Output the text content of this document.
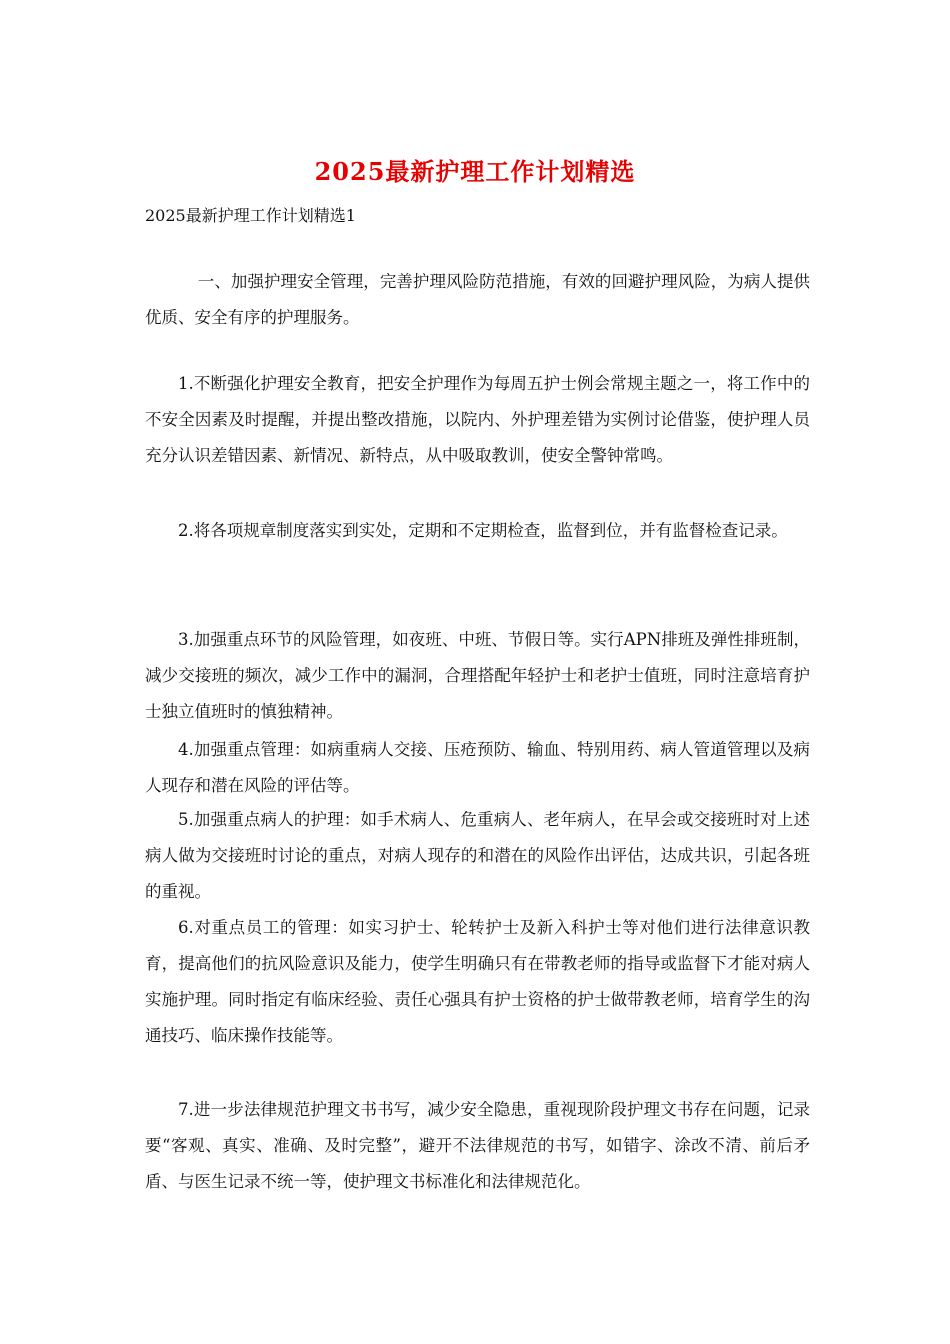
2025最新护理工作计划精选
2025最新护理工作计划精选1

一、加强护理安全管理，完善护理风险防范措施，有效的回避护理风险，为病人提供优质、安全有序的护理服务。

1.不断强化护理安全教育，把安全护理作为每周五护士例会常规主题之一，将工作中的不安全因素及时提醒，并提出整改措施，以院内、外护理差错为实例讨论借鉴，使护理人员充分认识差错因素、新情况、新特点，从中吸取教训，使安全警钟常鸣。

2.将各项规章制度落实到实处，定期和不定期检查，监督到位，并有监督检查记录。

3.加强重点环节的风险管理，如夜班、中班、节假日等。实行APN排班及弹性排班制，减少交接班的频次，减少工作中的漏洞，合理搭配年轻护士和老护士值班，同时注意培育护士独立值班时的慎独精神。

4.加强重点管理：如病重病人交接、压疮预防、输血、特别用药、病人管道管理以及病人现存和潜在风险的评估等。

5.加强重点病人的护理：如手术病人、危重病人、老年病人，在早会或交接班时对上述病人做为交接班时讨论的重点，对病人现存的和潜在的风险作出评估，达成共识，引起各班的重视。

6.对重点员工的管理：如实习护士、轮转护士及新入科护士等对他们进行法律意识教育，提高他们的抗风险意识及能力，使学生明确只有在带教老师的指导或监督下才能对病人实施护理。同时指定有临床经验、责任心强具有护士资格的护士做带教老师，培育学生的沟通技巧、临床操作技能等。

7.进一步法律规范护理文书书写，减少安全隐患，重视现阶段护理文书存在问题，记录要“客观、真实、准确、及时完整”，避开不法律规范的书写，如错字、涂改不清、前后矛盾、与医生记录不统一等，使护理文书标准化和法律规范化。
